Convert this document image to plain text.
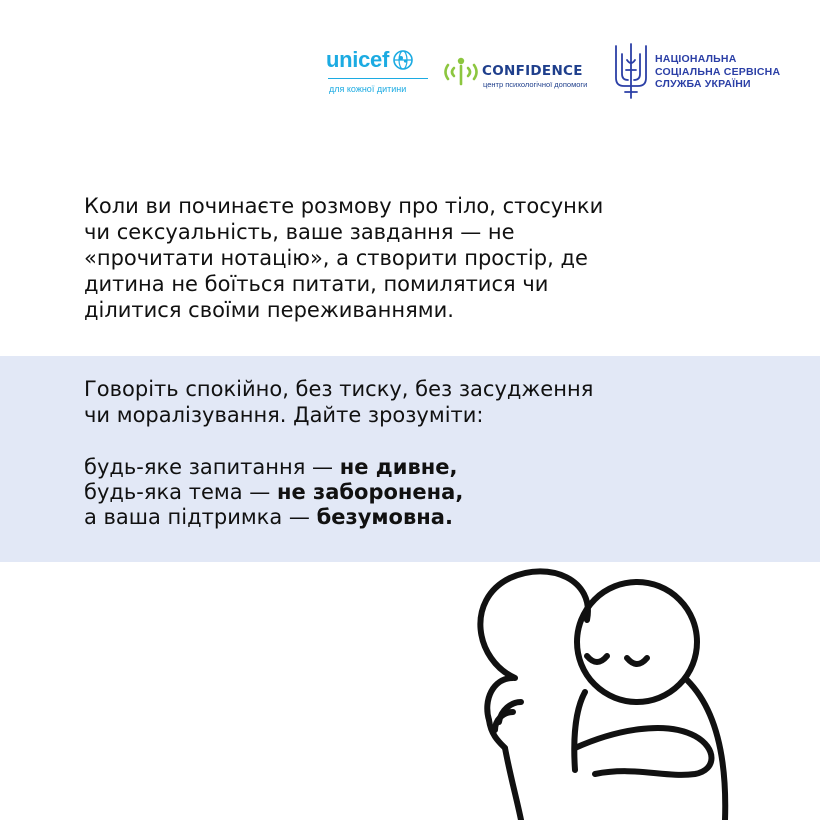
unicef
для кожної дитини
CONFIDENCE
центр психологічної допомоги
НАЦІОНАЛЬНА
СОЦІАЛЬНА СЕРВІСНА
СЛУЖБА УКРАЇНИ
Коли ви починаєте розмову про тіло, стосунки
чи сексуальність, ваше завдання — не
«прочитати нотацію», а створити простір, де
дитина не боїться питати, помилятися чи
ділитися своїми переживаннями.
Говоріть спокійно, без тиску, без засудження
чи моралізування. Дайте зрозуміти:
будь-яке запитання — не дивне,
будь-яка тема — не заборонена,
а ваша підтримка — безумовна.
